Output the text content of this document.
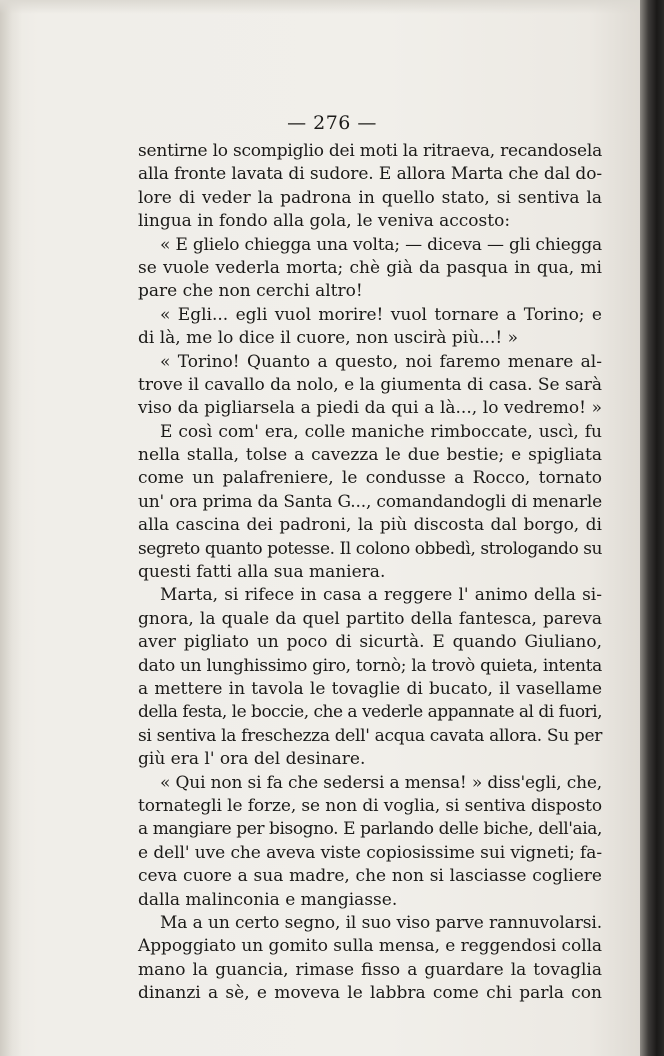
— 276 —
sentirne lo scompiglio dei moti la ritraeva, recandosela
alla fronte lavata di sudore. E allora Marta che dal do-
lore di veder la padrona in quello stato, si sentiva la
lingua in fondo alla gola, le veniva accosto:
« E glielo chiegga una volta; — diceva — gli chiegga
se vuole vederla morta; chè già da pasqua in qua, mi
pare che non cerchi altro!
« Egli... egli vuol morire! vuol tornare a Torino; e
di là, me lo dice il cuore, non uscirà più...! »
« Torino! Quanto a questo, noi faremo menare al-
trove il cavallo da nolo, e la giumenta di casa. Se sarà
viso da pigliarsela a piedi da qui a là..., lo vedremo! »
E così com' era, colle maniche rimboccate, uscì, fu
nella stalla, tolse a cavezza le due bestie; e spigliata
come un palafreniere, le condusse a Rocco, tornato
un' ora prima da Santa G..., comandandogli di menarle
alla cascina dei padroni, la più discosta dal borgo, di
segreto quanto potesse. Il colono obbedì, strologando su
questi fatti alla sua maniera.
Marta, si rifece in casa a reggere l' animo della si-
gnora, la quale da quel partito della fantesca, pareva
aver pigliato un poco di sicurtà. E quando Giuliano,
dato un lunghissimo giro, tornò; la trovò quieta, intenta
a mettere in tavola le tovaglie di bucato, il vasellame
della festa, le boccie, che a vederle appannate al di fuori,
si sentiva la freschezza dell' acqua cavata allora. Su per
giù era l' ora del desinare.
« Qui non si fa che sedersi a mensa! » diss'egli, che,
tornategli le forze, se non di voglia, si sentiva disposto
a mangiare per bisogno. E parlando delle biche, dell'aia,
e dell' uve che aveva viste copiosissime sui vigneti; fa-
ceva cuore a sua madre, che non si lasciasse cogliere
dalla malinconia e mangiasse.
Ma a un certo segno, il suo viso parve rannuvolarsi.
Appoggiato un gomito sulla mensa, e reggendosi colla
mano la guancia, rimase fisso a guardare la tovaglia
dinanzi a sè, e moveva le labbra come chi parla con
